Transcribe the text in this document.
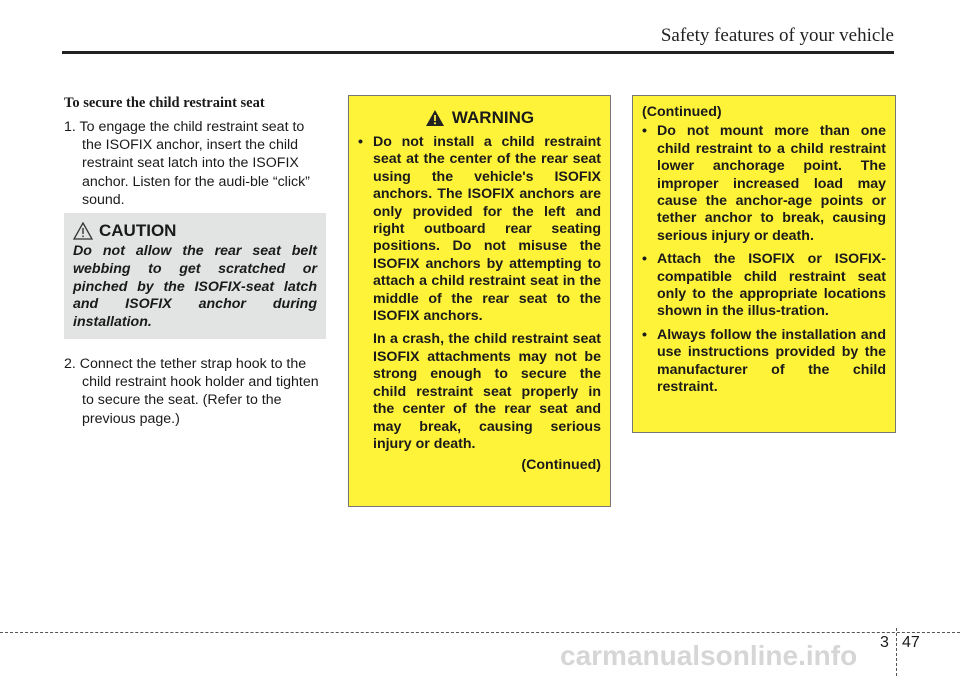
Safety features of your vehicle

To secure the child restraint seat

1. To engage the child restraint seat to the ISOFIX anchor, insert the child restraint seat latch into the ISOFIX anchor. Listen for the audi-ble “click” sound.

CAUTION
Do not allow the rear seat belt webbing to get scratched or pinched by the ISOFIX-seat latch and ISOFIX anchor during installation.

2. Connect the tether strap hook to the child restraint hook holder and tighten to secure the seat. (Refer to the previous page.)

WARNING
• Do not install a child restraint seat at the center of the rear seat using the vehicle's ISOFIX anchors. The ISOFIX anchors are only provided for the left and right outboard rear seating positions. Do not misuse the ISOFIX anchors by attempting to attach a child restraint seat in the middle of the rear seat to the ISOFIX anchors.
In a crash, the child restraint seat ISOFIX attachments may not be strong enough to secure the child restraint seat properly in the center of the rear seat and may break, causing serious injury or death.
(Continued)
(Continued)
• Do not mount more than one child restraint to a child restraint lower anchorage point. The improper increased load may cause the anchor-age points or tether anchor to break, causing serious injury or death.
• Attach the ISOFIX or ISOFIX-compatible child restraint seat only to the appropriate locations shown in the illus-tration.
• Always follow the installation and use instructions provided by the manufacturer of the child restraint.
carmanualsonline.info 3 47
